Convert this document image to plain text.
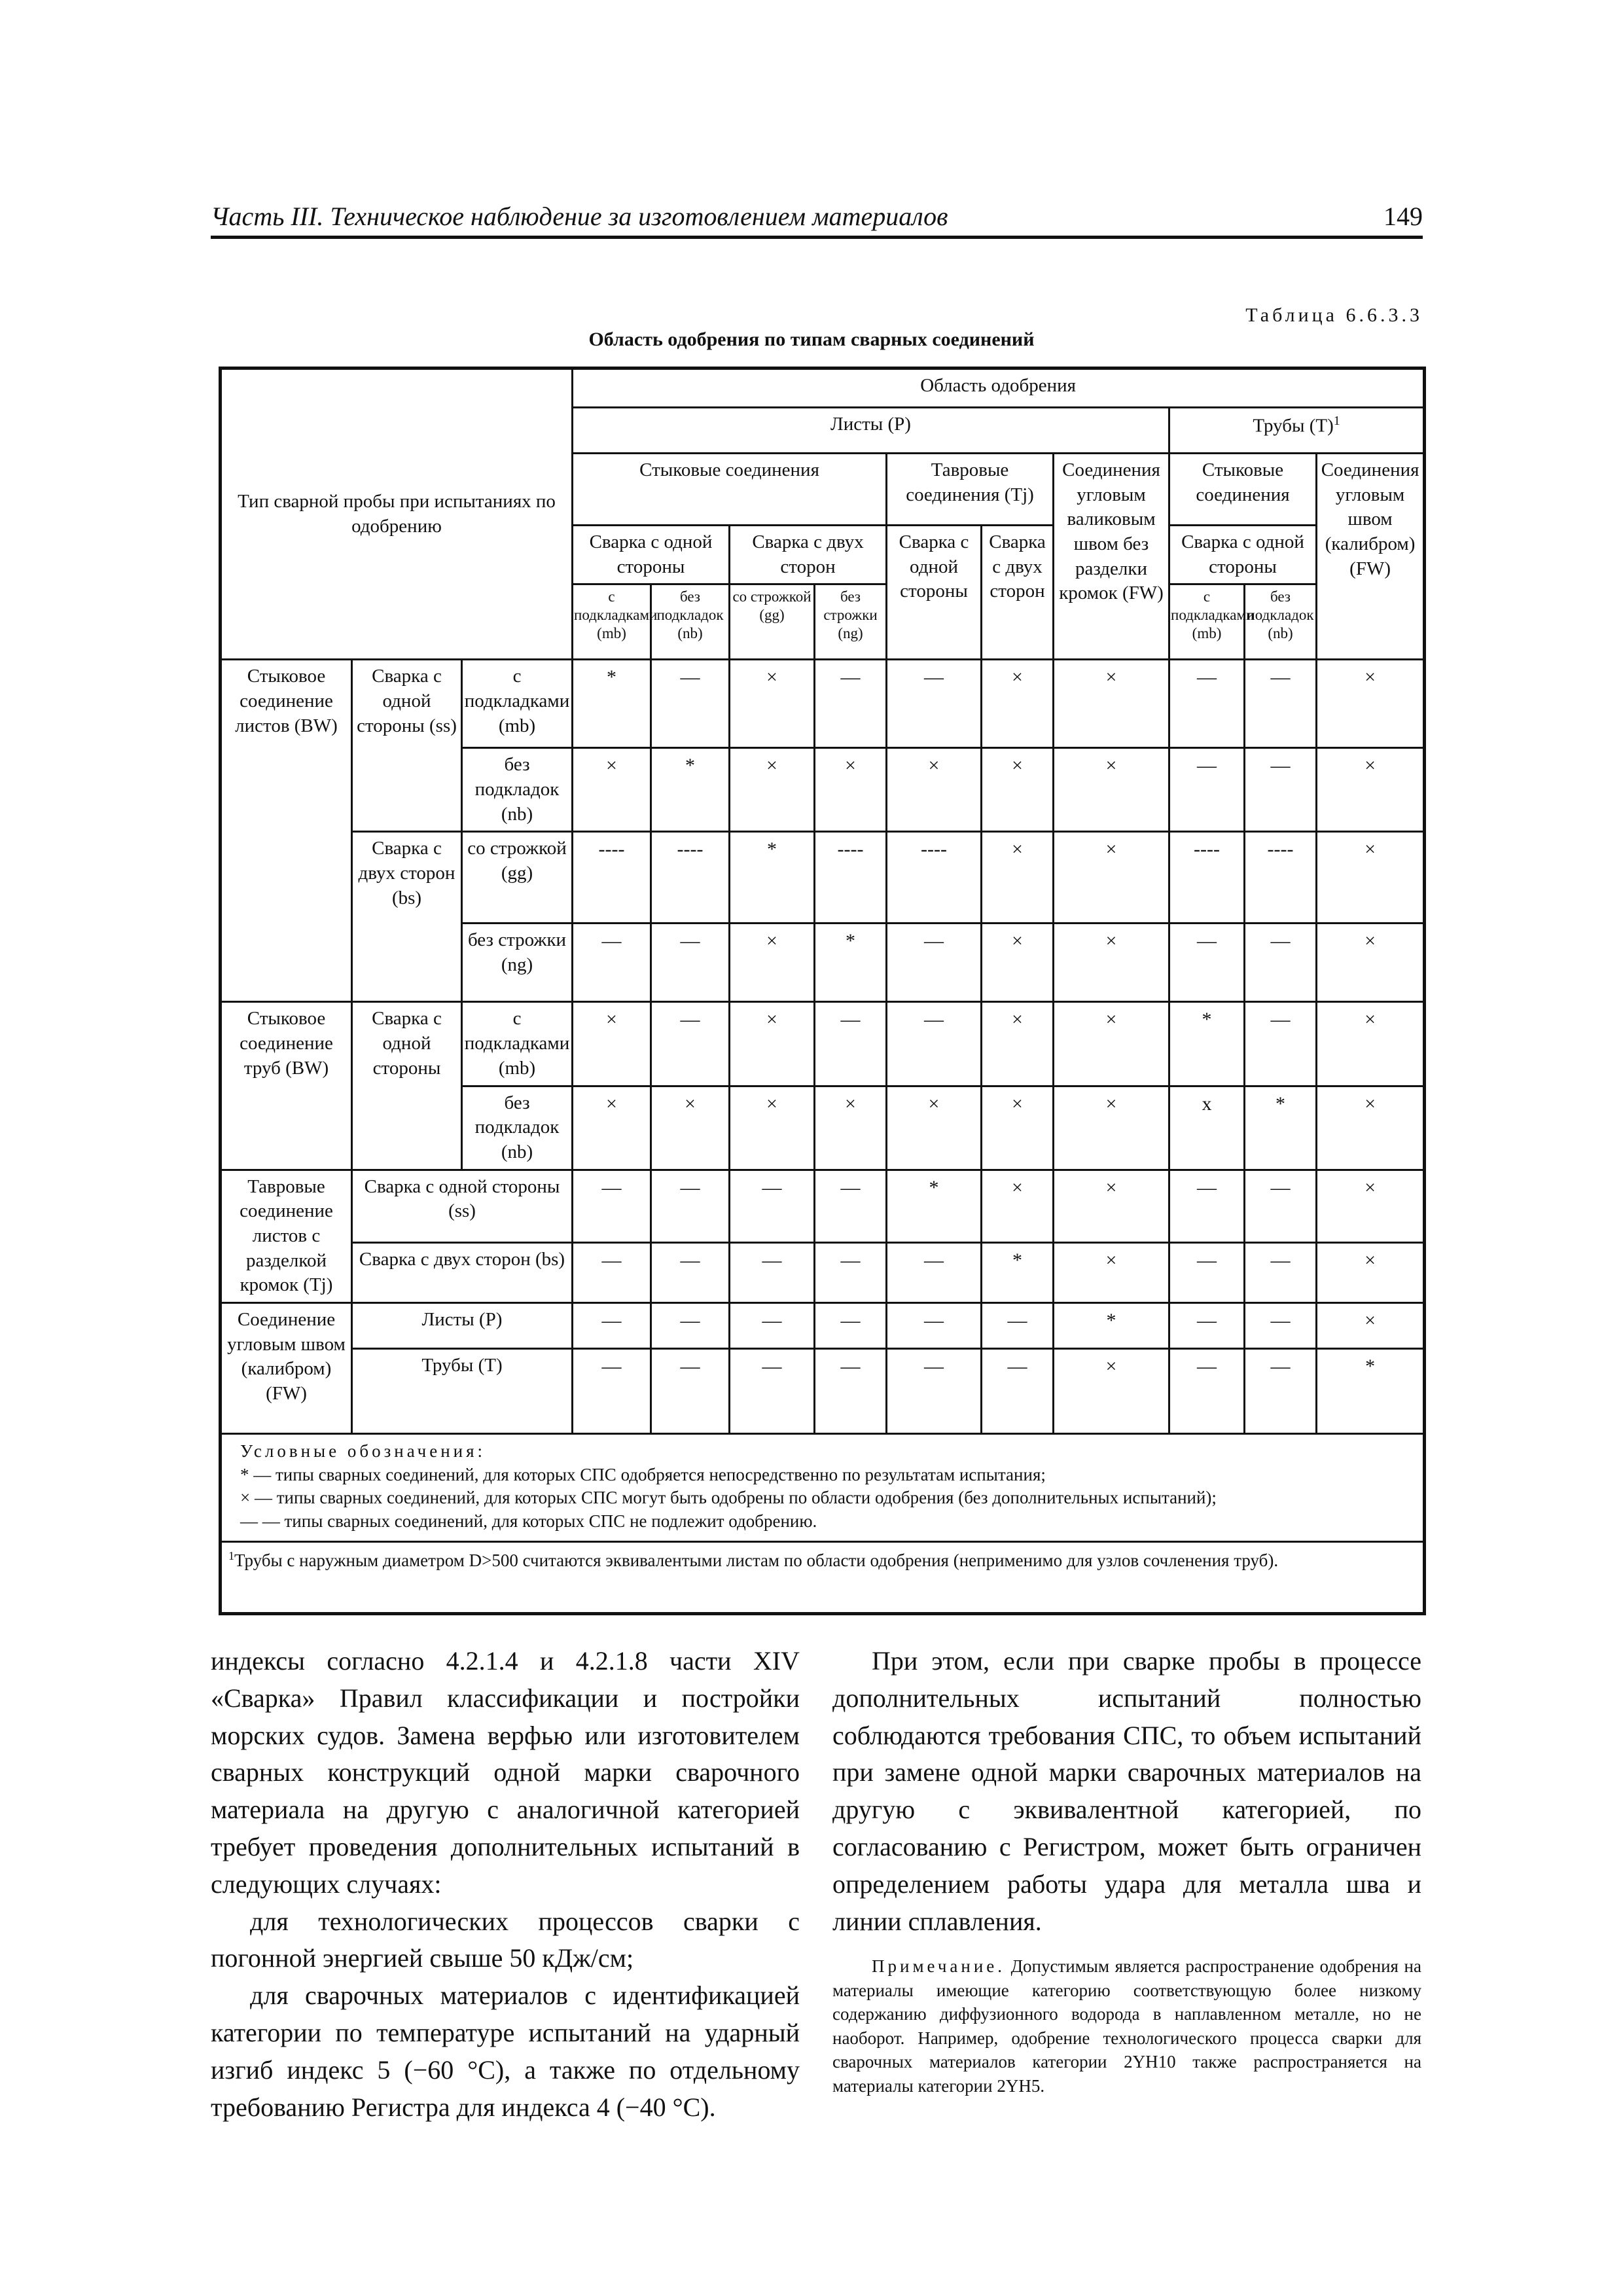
Часть III. Техническое наблюдение за изготовлением материалов	149
Таблица 6.6.3.3
Область одобрения по типам сварных соединений
Тип сварной пробы при испытаниях по одобрению			Область одобрения									
			Листы (P)							Трубы $(T)^1$
			Стыковые соединения				Тавровые соединения (Tj)		Соединения угловым валиковым швом без разделки кромок (FW)	Стыковые соединения		Соединения угловым швом (калибром) (FW)
			Сварка с одной стороны		Сварка с двух сторон		Сварка с одной стороны	Сварка с двух сторон		Сварка с одной стороны		
			с подкладками (mb)	без подкладок (nb)	со строжкой (gg)	без строжки (ng)				с подкладками (mb)	без подкладок (nb)	
Стыковое соединение листов (BW)	Сварка с одной стороны (ss)	с подкладками (mb)	*	—	×	—	—	×	×	—	—	×
		без подкладок (nb)	×	*	×	×	×	×	×	—	—	×
	Сварка с двух сторон (bs)	со строжкой (gg)	----	----	*	----	----	×	×	----	----	×
		без строжки (ng)	—	—	×	*	—	×	×	—	—	×
Стыковое соединение труб (BW)	Сварка с одной стороны	с подкладками (mb)	×	—	×	—	—	×	×	*	—	×
		без подкладок (nb)	×	×	×	×	×	×	×	x	*	×
Тавровые соединение листов с разделкой кромок (Tj)	Сварка с одной стороны (ss)		—	—	—	—	*	×	×	—	—	×
	Сварка с двух сторон (bs)		—	—	—	—	—	*	×	—	—	×
Соединение угловым швом (калибром) (FW)	Листы (P)		—	—	—	—	—	—	*	—	—	×
	Трубы (T)		—	—	—	—	—	—	×	—	—	*

Условные обозначения:
* — типы сварных соединений, для которых СПС одобряется непосредственно по результатам испытания;
× — типы сварных соединений, для которых СПС могут быть одобрены по области одобрения (без дополнительных испытаний);
— — типы сварных соединений, для которых СПС не подлежит одобрению.												

$^1$Трубы с наружным диаметром D>500 считаются эквивалентыми листам по области одобрения (неприменимо для узлов сочленения труб).												

индексы согласно 4.2.1.4 и 4.2.1.8 части XIV «Сварка» Правил классификации и постройки морских судов. Замена верфью или изготовителем сварных конструкций одной марки сварочного материала на другую с аналогичной категорией требует проведения дополнительных испытаний в следующих случаях:

для технологических процессов сварки с погонной энергией свыше 50 кДж/см;

для сварочных материалов с идентификацией категории по температуре испытаний на ударный изгиб индекс 5 (−60 °С), а также по отдельному требованию Регистра для индекса 4 (−40 °С).

При этом, если при сварке пробы в процессе дополнительных испытаний полностью соблюдаются требования СПС, то объем испытаний при замене одной марки сварочных материалов на другую с эквивалентной категорией, по согласованию с Регистром, может быть ограничен определением работы удара для металла шва и линии сплавления.

Примечание. Допустимым является распространение одобрения на материалы имеющие категорию соответствующую более низкому содержанию диффузионного водорода в наплавленном металле, но не наоборот. Например, одобрение технологического процесса сварки для сварочных материалов категории 2YH10 также распространяется на материалы категории 2YH5.
